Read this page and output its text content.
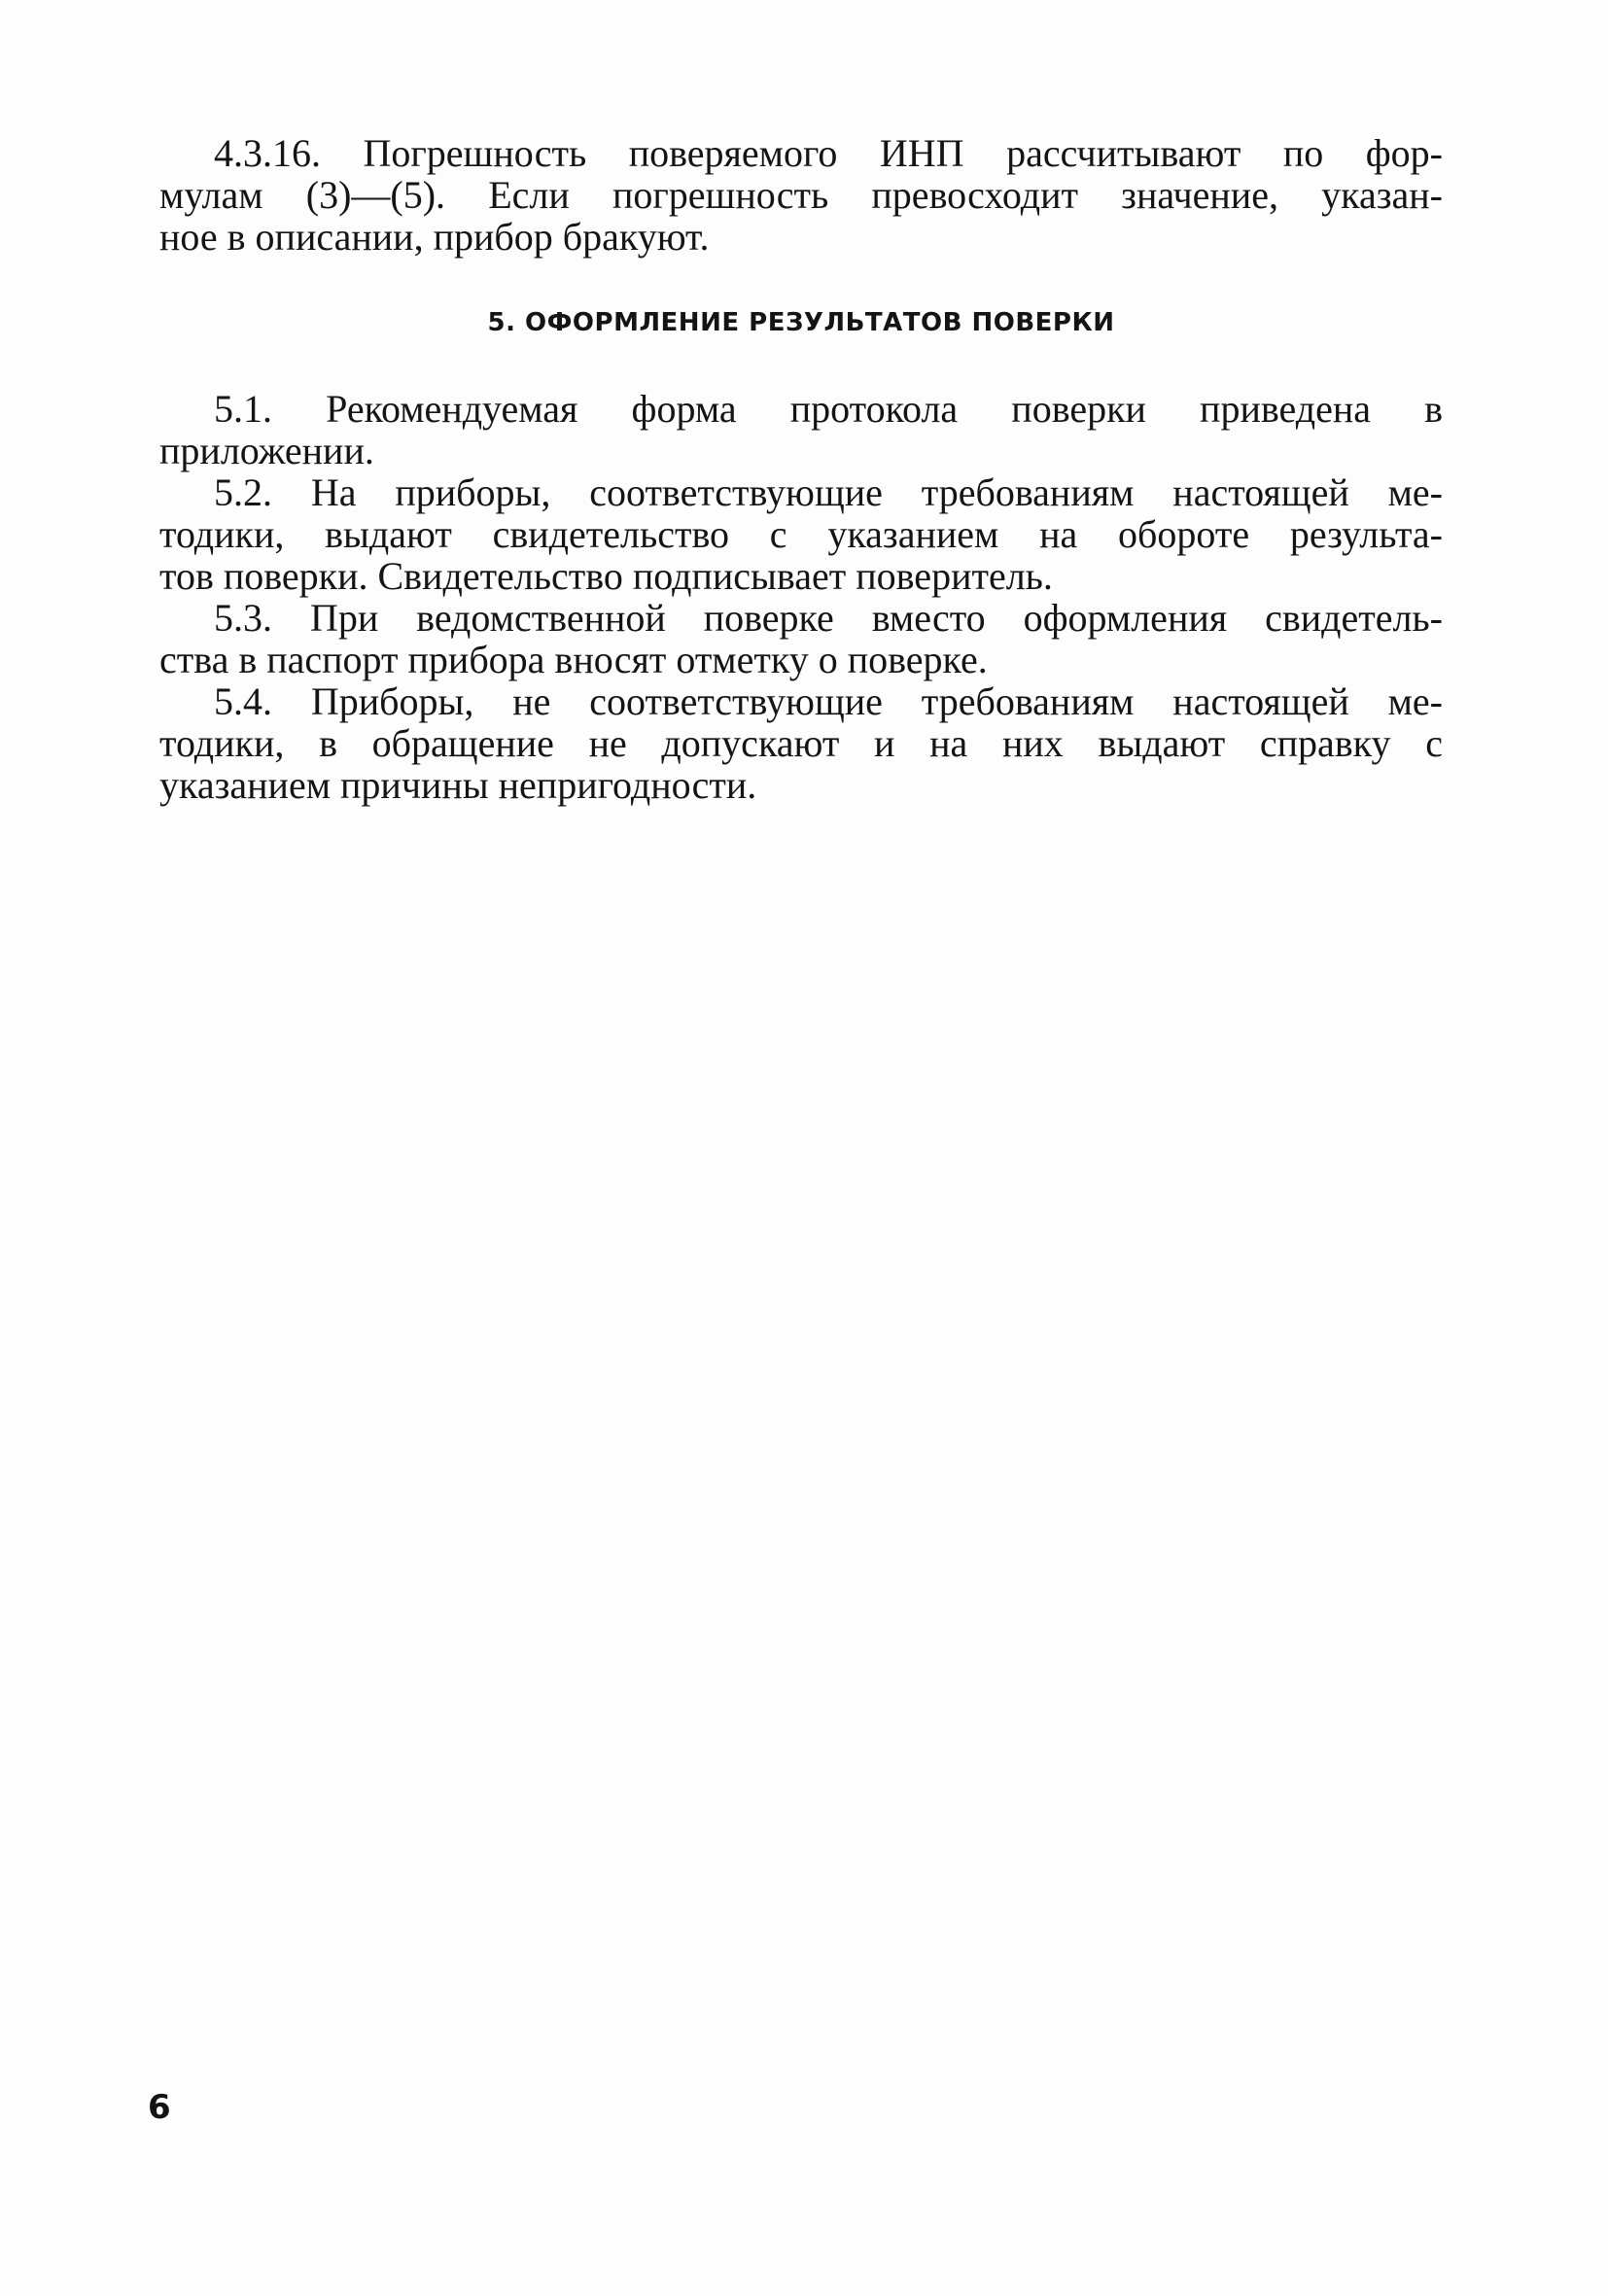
4.3.16. Погрешность поверяемого ИНП рассчитывают по фор-
мулам (3)—(5). Если погрешность превосходит значение, указан-
ное в описании, прибор бракуют.

5. ОФОРМЛЕНИЕ РЕЗУЛЬТАТОВ ПОВЕРКИ

5.1. Рекомендуемая форма протокола поверки приведена в
приложении.

5.2. На приборы, соответствующие требованиям настоящей ме-
тодики, выдают свидетельство с указанием на обороте результа-
тов поверки. Свидетельство подписывает поверитель.

5.3. При ведомственной поверке вместо оформления свидетель-
ства в паспорт прибора вносят отметку о поверке.

5.4. Приборы, не соответствующие требованиям настоящей ме-
тодики, в обращение не допускают и на них выдают справку с
указанием причины непригодности.

6
